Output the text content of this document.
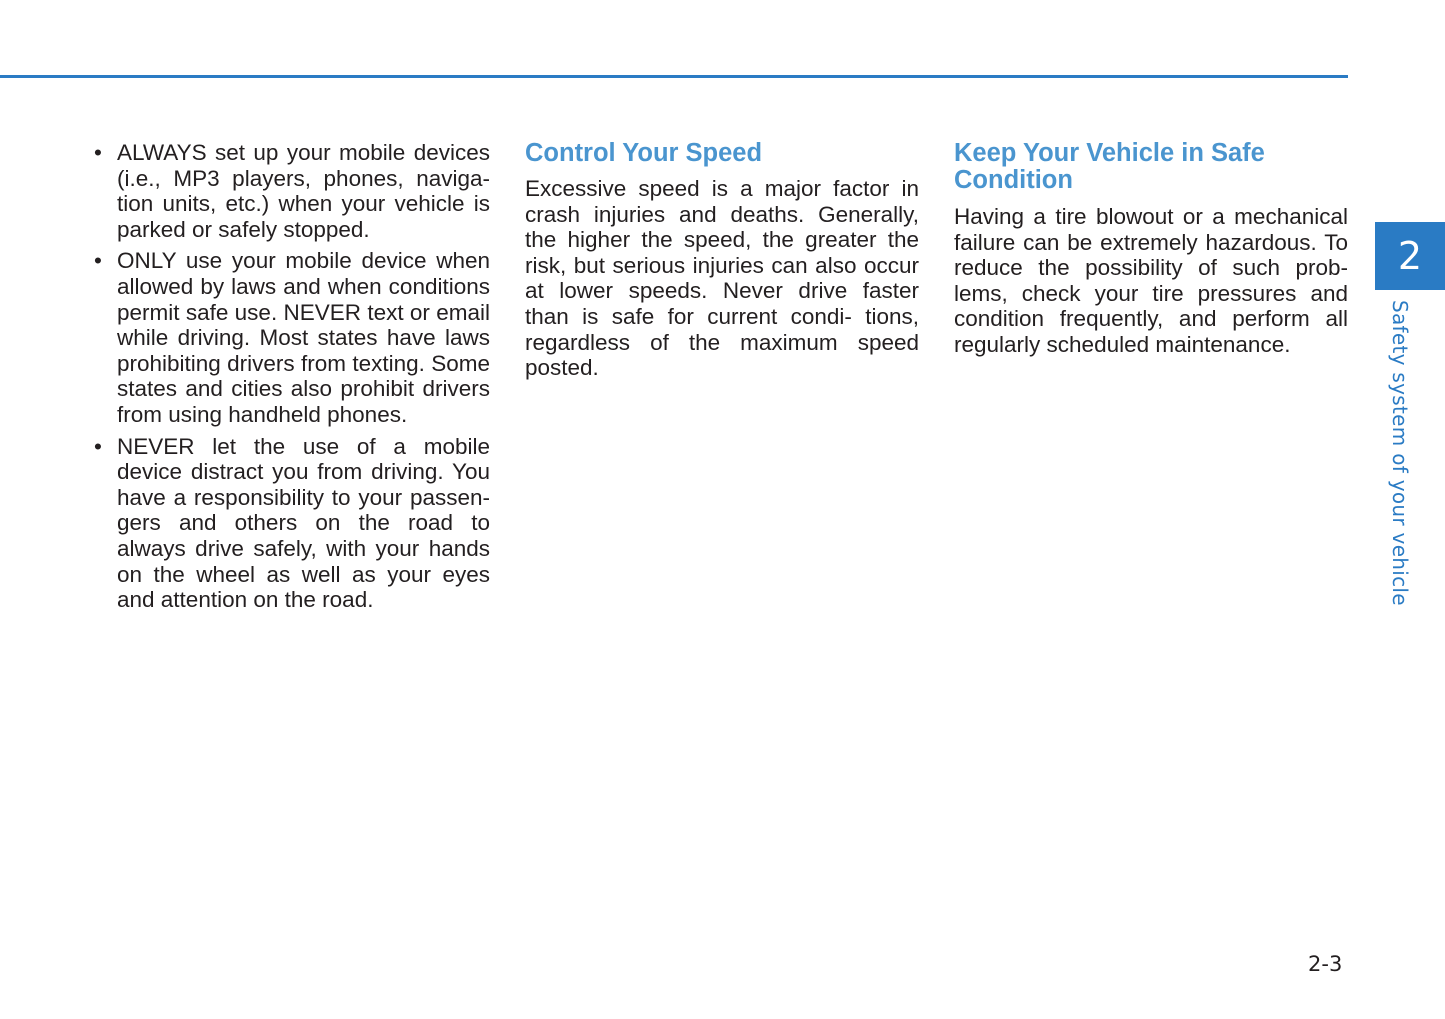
• ALWAYS set up your mobile devices (i.e., MP3 players, phones, naviga- tion units, etc.) when your vehicle is parked or safely stopped.
• ONLY use your mobile device when allowed by laws and when conditions permit safe use. NEVER text or email while driving. Most states have laws prohibiting drivers from texting. Some states and cities also prohibit drivers from using handheld phones.
• NEVER let the use of a mobile device distract you from driving. You have a responsibility to your passen- gers and others on the road to always drive safely, with your hands on the wheel as well as your eyes and attention on the road.
Control Your Speed

Excessive speed is a major factor in crash injuries and deaths. Generally, the higher the speed, the greater the risk, but serious injuries can also occur at lower speeds. Never drive faster than is safe for current condi- tions, regardless of the maximum speed posted.

Keep Your Vehicle in Safe Condition

Having a tire blowout or a mechanical failure can be extremely hazardous. To reduce the possibility of such prob- lems, check your tire pressures and condition frequently, and perform all regularly scheduled maintenance.

2
Safety system of your vehicle
2-3
